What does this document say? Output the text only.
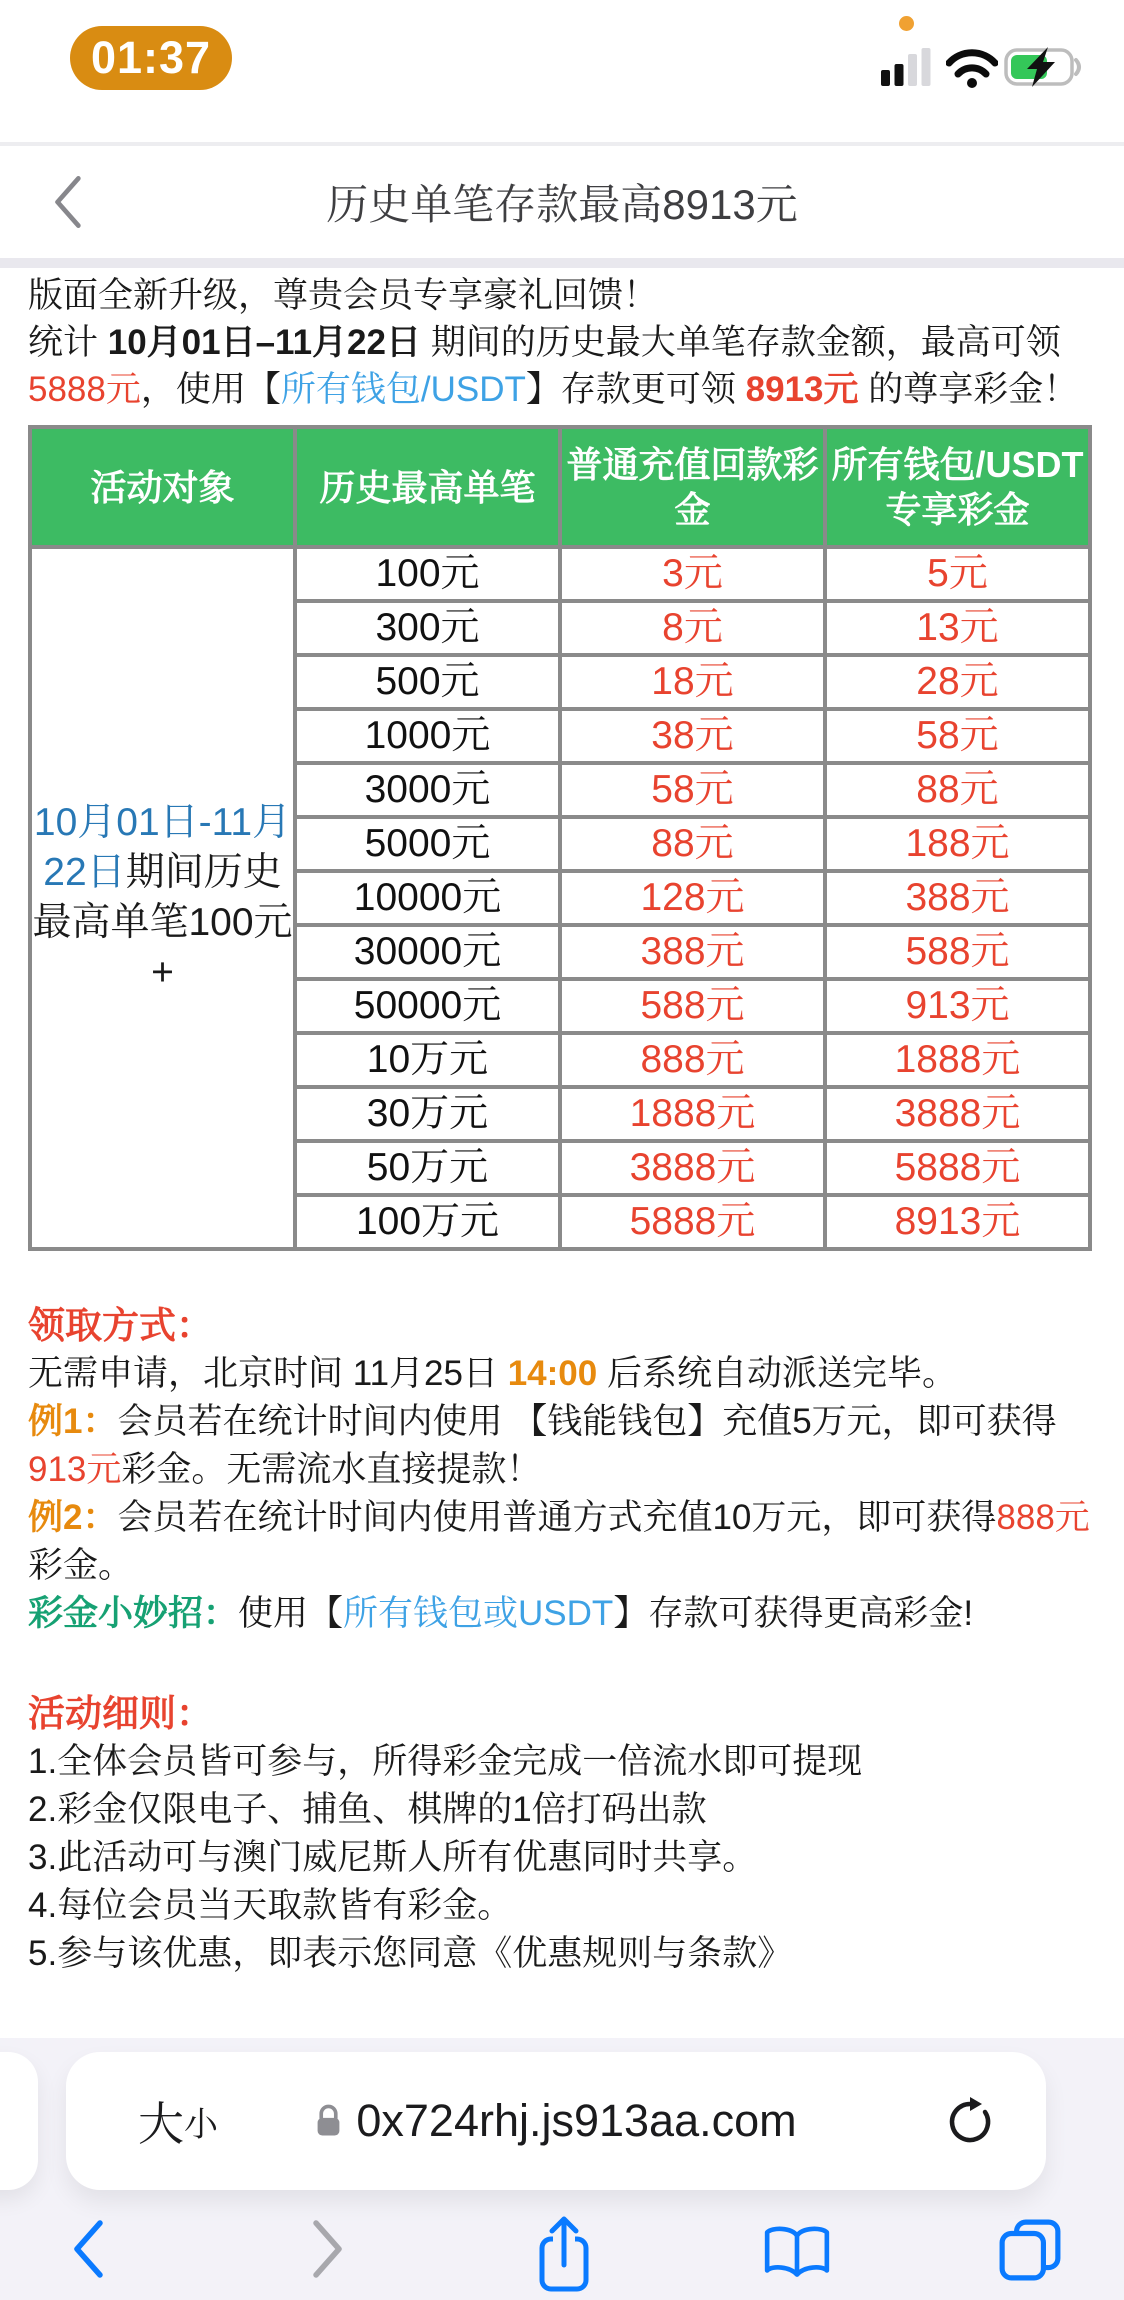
01:37
历史单笔存款最高8913元

版面全新升级，尊贵会员专享豪礼回馈！

统计 10月01日–11月22日 期间的历史最大单笔存款金额，最高可领 5888元，使用【所有钱包/USDT】存款更可领 8913元 的尊享彩金！

活动对象	历史最高单笔	普通充值回款彩金	所有钱包/USDT专享彩金
10月01日-11月22日期间历史最高单笔100元
+	100元	3元	5元
	300元	8元	13元
	500元	18元	28元
	1000元	38元	58元
	3000元	58元	88元
	5000元	88元	188元
	10000元	128元	388元
	30000元	388元	588元
	50000元	588元	913元
	10万元	888元	1888元
	30万元	1888元	3888元
	50万元	3888元	5888元
	100万元	5888元	8913元
领取方式：

无需申请，北京时间 11月25日 14:00 后系统自动派送完毕。

例1：会员若在统计时间内使用 【钱能钱包】充值5万元，即可获得913元彩金。无需流水直接提款！

例2：会员若在统计时间内使用普通方式充值10万元，即可获得888元彩金。

彩金小妙招：使用【所有钱包或USDT】存款可获得更高彩金!

活动细则：
1.全体会员皆可参与，所得彩金完成一倍流水即可提现
2.彩金仅限电子、捕鱼、棋牌的1倍打码出款
3.此活动可与澳门威尼斯人所有优惠同时共享。
4.每位会员当天取款皆有彩金。
5.参与该优惠，即表示您同意《优惠规则与条款》
大 小	0x724rhj.js913aa.com
